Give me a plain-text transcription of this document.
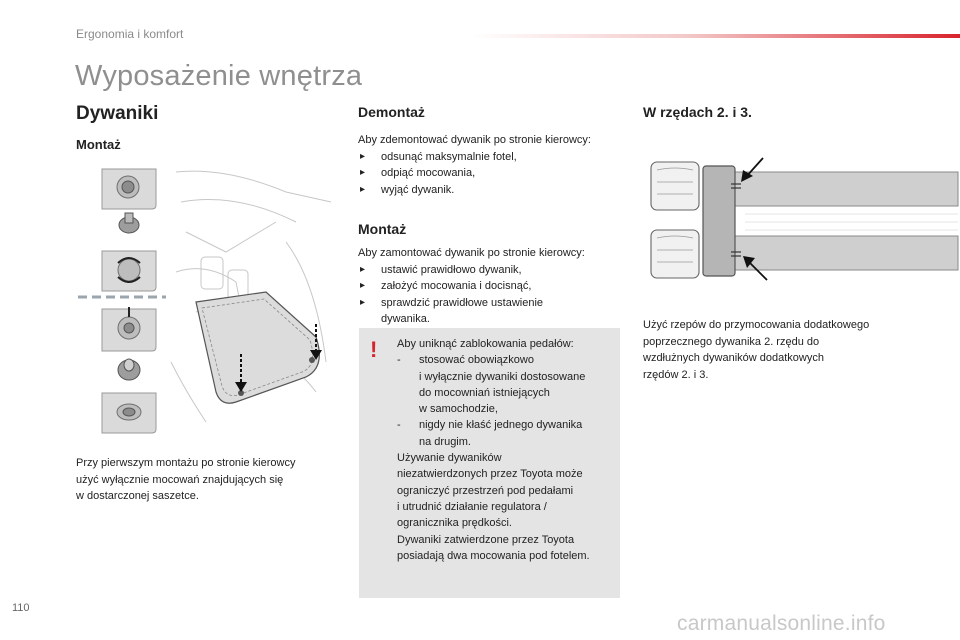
Ergonomia i komfort
Wyposażenie wnętrza
Dywaniki
Montaż
Przy pierwszym montażu po stronie kierowcy
użyć wyłącznie mocowań znajdujących się
w dostarczonej saszetce.
Demontaż
Aby zdemontować dywanik po stronie kierowcy:
▸ odsunąć maksymalnie fotel,
▸ odpiąć mocowania,
▸ wyjąć dywanik.
Montaż
Aby zamontować dywanik po stronie kierowcy:
▸ ustawić prawidłowo dywanik,
▸ założyć mocowania i docisnąć,
▸ sprawdzić prawidłowe ustawienie dywanika.
! Aby uniknąć zablokowania pedałów:
- stosować obowiązkowo
i wyłącznie dywaniki dostosowane
do mocowniań istniejących
w samochodzie,
- nigdy nie kłaść jednego dywanika
na drugim.
Używanie dywaników
niezatwierdzonych przez Toyota może
ograniczyć przestrzeń pod pedałami
i utrudnić działanie regulatora /
ogranicznika prędkości.
Dywaniki zatwierdzone przez Toyota
posiadają dwa mocowania pod fotelem.
W rzędach 2. i 3.
Użyć rzepów do przymocowania dodatkowego
poprzecznego dywanika 2. rzędu do
wzdłużnych dywaników dodatkowych
rzędów 2. i 3.
110
carmanualsonline.info
